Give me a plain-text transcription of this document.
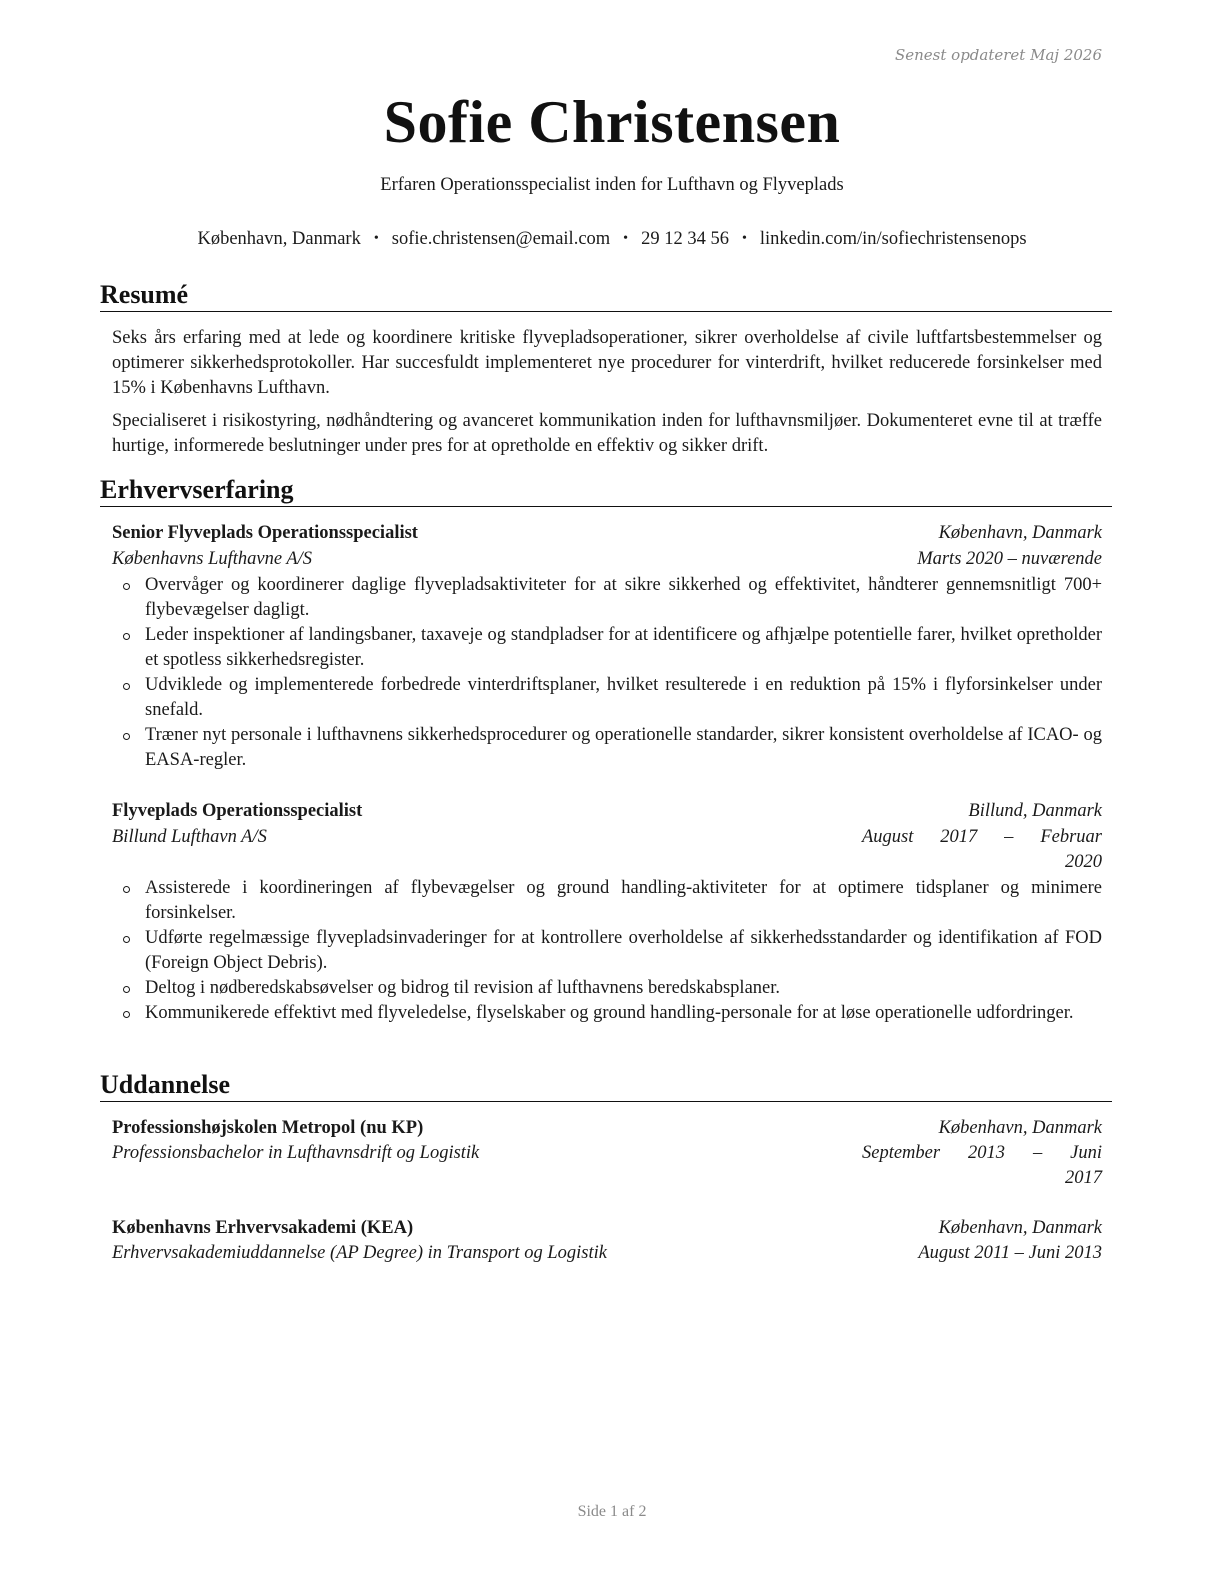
Senest opdateret Maj 2026
Sofie Christensen
Erfaren Operationsspecialist inden for Lufthavn og Flyveplads
København, Danmark • sofie.christensen@email.com • 29 12 34 56 • linkedin.com/in/sofiechristensenops
Resumé
Seks års erfaring med at lede og koordinere kritiske flyvepladsoperationer, sikrer overholdelse af civile luftfartsbestemmelser og optimerer sikkerhedsprotokoller. Har succesfuldt implementeret nye procedurer for vinterdrift, hvilket reducerede forsinkelser med 15% i Københavns Lufthavn.
Specialiseret i risikostyring, nødhåndtering og avanceret kommunikation inden for lufthavnsmiljøer. Dokumenteret evne til at træffe hurtige, informerede beslutninger under pres for at opretholde en effektiv og sikker drift.
Erhvervserfaring
Senior Flyveplads Operationsspecialist	København, Danmark
Københavns Lufthavne A/S	Marts 2020 – nuværende
Overvåger og koordinerer daglige flyvepladsaktiviteter for at sikre sikkerhed og effektivitet, håndterer gennemsnitligt 700+ flybevægelser dagligt.
Leder inspektioner af landingsbaner, taxaveje og standpladser for at identificere og afhjælpe potentielle farer, hvilket opretholder et spotless sikkerhedsregister.
Udviklede og implementerede forbedrede vinterdriftsplaner, hvilket resulterede i en reduktion på 15% i flyforsinkelser under snefald.
Træner nyt personale i lufthavnens sikkerhedsprocedurer og operationelle standarder, sikrer konsistent overholdelse af ICAO- og EASA-regler.
Flyveplads Operationsspecialist	Billund, Danmark
Billund Lufthavn A/S	August 2017 – Februar
2020
Assisterede i koordineringen af flybevægelser og ground handling-aktiviteter for at optimere tidsplaner og minimere forsinkelser.
Udførte regelmæssige flyvepladsinvaderinger for at kontrollere overholdelse af sikkerhedsstandarder og identifikation af FOD (Foreign Object Debris).
Deltog i nødberedskabsøvelser og bidrog til revision af lufthavnens beredskabsplaner.
Kommunikerede effektivt med flyveledelse, flyselskaber og ground handling-personale for at løse operationelle udfordringer.
Uddannelse
Professionshøjskolen Metropol (nu KP)	København, Danmark
Professionsbachelor in Lufthavnsdrift og Logistik	September 2013 – Juni
2017
Københavns Erhvervsakademi (KEA)	København, Danmark
Erhvervsakademiuddannelse (AP Degree) in Transport og Logistik	August 2011 – Juni 2013
Side 1 af 2
